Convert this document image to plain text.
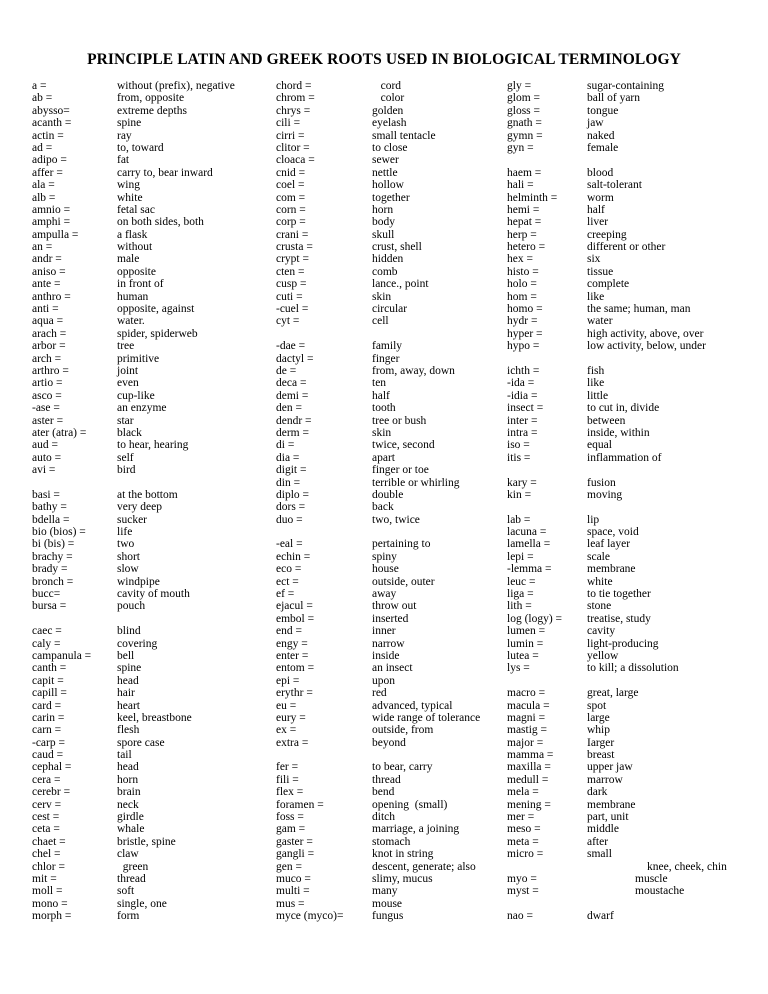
PRINCIPLE LATIN AND GREEK ROOTS USED IN BIOLOGICAL TERMINOLOGY
a =	without (prefix), negative
ab =	from, opposite
abysso=	extreme depths
acanth =	spine
actin =	ray
ad =	to, toward
adipo =	fat
affer =	carry to, bear inward
ala =	wing
alb =	white
amnio =	fetal sac
amphi =	on both sides, both
ampulla =	a flask
an =	without
andr =	male
aniso =	opposite
ante =	in front of
anthro =	human
anti =	opposite, against
aqua =	water.
arach =	spider, spiderweb
arbor =	tree
arch =	primitive
arthro =	joint
artio =	even
asco =	cup-like
-ase =	an enzyme
aster =	star
ater (atra) =	black
aud =	to hear, hearing
auto =	self
avi =	bird
basi =	at the bottom
bathy =	very deep
bdella =	sucker
bio (bios) =	life
bi (bis) =	two
brachy =	short
brady =	slow
bronch =	windpipe
bucc=	cavity of mouth
bursa =	pouch
caec =	blind
caly =	covering
campanula =	bell
canth =	spine
capit =	head
capill =	hair
card =	heart
carin =	keel, breastbone
carn =	flesh
-carp =	spore case
caud =	tail
cephal =	head
cera =	horn
cerebr =	brain
cerv =	neck
cest =	girdle
ceta =	whale
chaet =	bristle, spine
chel =	claw
chlor =	green
mit =	thread
moll =	soft
mono =	single, one
morph =	form
chord =	cord
chrom =	color
chrys =	golden
cili =	eyelash
cirri =	small tentacle
clitor =	to close
cloaca =	sewer
cnid =	nettle
coel =	hollow
com =	together
corn =	horn
corp =	body
crani =	skull
crusta =	crust, shell
crypt =	hidden
cten =	comb
cusp =	lance., point
cuti =	skin
-cuel =	circular
cyt =	cell
-dae =	family
dactyl =	finger
de =	from, away, down
deca =	ten
demi =	half
den =	tooth
dendr =	tree or bush
derm =	skin
di =	twice, second
dia =	apart
digit =	finger or toe
din =	terrible or whirling
diplo =	double
dors =	back
duo =	two, twice
-eal =	pertaining to
echin =	spiny
eco =	house
ect =	outside, outer
ef =	away
ejacul =	throw out
embol =	inserted
end =	inner
engy =	narrow
enter =	inside
entom =	an insect
epi =	upon
erythr =	red
eu =	advanced, typical
eury =	wide range of tolerance
ex =	outside, from
extra =	beyond
fer =	to bear, carry
fili =	thread
flex =	bend
foramen =	opening  (small)
foss =	ditch
gam =	marriage, a joining
gaster =	stomach
gangli =	knot in string
gen =	descent, generate; also
muco =	slimy, mucus
multi =	many
mus =	mouse
myce (myco)=	fungus
gly =	sugar-containing
glom =	ball of yarn
gloss =	tongue
gnath =	jaw
gymn =	naked
gyn =	female
haem =	blood
hali =	salt-tolerant
helminth =	worm
hemi =	half
hepat =	liver
herp =	creeping
hetero =	different or other
hex =	six
histo =	tissue
holo =	complete
hom =	like
homo =	the same; human, man
hydr =	water
hyper =	high activity, above, over
hypo =	low activity, below, under
ichth =	fish
-ida =	like
-idia =	little
insect =	to cut in, divide
inter =	between
intra =	inside, within
iso =	equal
itis =	inflammation of
kary =	fusion
kin =	moving
lab =	lip
lacuna =	space, void
lamella =	leaf layer
lepi =	scale
-lemma =	membrane
leuc =	white
liga =	to tie together
lith =	stone
log (logy) =	treatise, study
lumen =	cavity
lumin =	light-producing
lutea =	yellow
lys =	to kill; a dissolution
macro =	great, large
macula =	spot
magni =	large
mastig =	whip
major =	Iarger
mamma =	breast
maxilla =	upper jaw
medull =	marrow
mela =	dark
mening =	membrane
mer =	part, unit
meso =	middle
meta =	after
micro =	small
knee, cheek, chin
myo =	muscle
myst =	moustache
nao =	dwarf
